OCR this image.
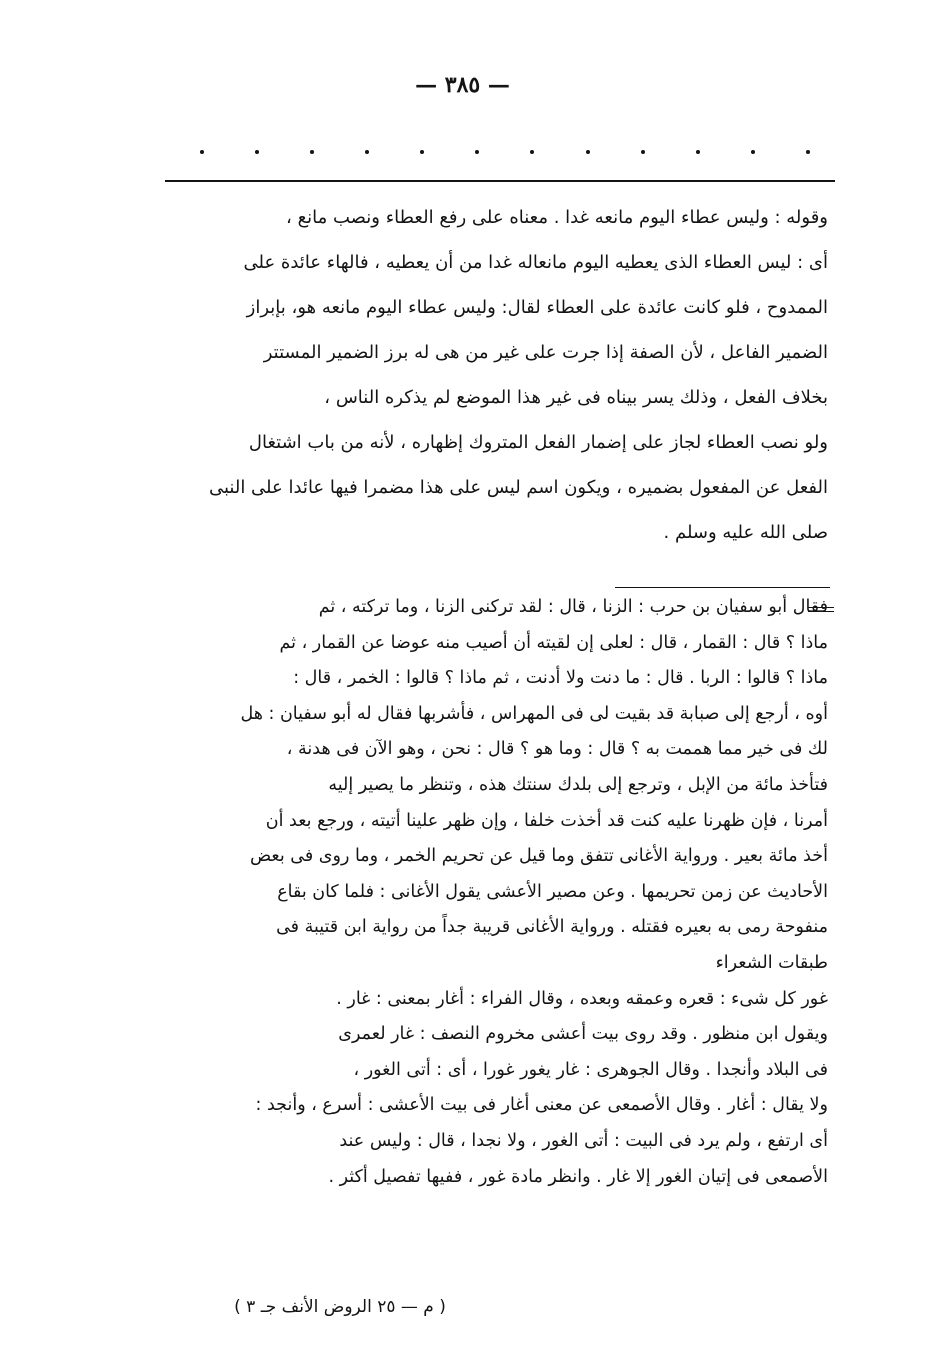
— ٣٨٥ —
وقوله : وليس عطاء اليوم مانعه غدا . معناه على رفع العطاء ونصب مانع ،
أى : ليس العطاء الذى يعطيه اليوم مانعاله غدا من أن يعطيه ، فالهاء عائدة على
الممدوح ، فلو كانت عائدة على العطاء لقال: وليس عطاء اليوم مانعه هو، بإبراز
الضمير الفاعل ، لأن الصفة إذا جرت على غير من هى له برز الضمير المستتر
بخلاف الفعل ، وذلك يسر بيناه فى غير هذا الموضع لم يذكره الناس ،
ولو نصب العطاء لجاز على إضمار الفعل المتروك إظهاره ، لأنه من باب اشتغال
الفعل عن المفعول بضميره ، ويكون اسم ليس على هذا مضمرا فيها عائدا على النبى
صلى الله عليه وسلم .
فقال أبو سفيان بن حرب : الزنا ، قال : لقد تركنى الزنا ، وما تركته ، ثم
ماذا ؟ قال : القمار ، قال : لعلى إن لقيته أن أصيب منه عوضا عن القمار ، ثم
ماذا ؟ قالوا : الربا . قال : ما دنت ولا أدنت ، ثم ماذا ؟ قالوا : الخمر ، قال :
أوه ، أرجع إلى صبابة قد بقيت لى فى المهراس ، فأشربها فقال له أبو سفيان : هل
لك فى خير مما هممت به ؟ قال : وما هو ؟ قال : نحن ، وهو الآن فى هدنة ،
فتأخذ مائة من الإبل ، وترجع إلى بلدك سنتك هذه ، وتنظر ما يصير إليه
أمرنا ، فإن ظهرنا عليه كنت قد أخذت خلفا ، وإن ظهر علينا أتيته ، ورجع بعد أن
أخذ مائة بعير . ورواية الأغانى تتفق وما قيل عن تحريم الخمر ، وما روى فى بعض
الأحاديث عن زمن تحريمها . وعن مصير الأعشى يقول الأغانى : فلما كان بقاع
منفوحة رمى به بعيره فقتله . ورواية الأغانى قريبة جداً من رواية ابن قتيبة فى
طبقات الشعراء
غور كل شىء : قعره وعمقه وبعده ، وقال الفراء : أغار بمعنى : غار .
ويقول ابن منظور . وقد روى بيت أعشى مخروم النصف : غار لعمرى
فى البلاد وأنجدا . وقال الجوهرى : غار يغور غورا ، أى : أتى الغور ،
ولا يقال : أغار . وقال الأصمعى عن معنى أغار فى بيت الأعشى : أسرع ، وأنجد :
أى ارتفع ، ولم يرد فى البيت : أتى الغور ، ولا نجدا ، قال : وليس عند
الأصمعى فى إتيان الغور إلا غار . وانظر مادة غور ، ففيها تفصيل أكثر .
( م — ٢٥ الروض الأنف جـ ٣ )
